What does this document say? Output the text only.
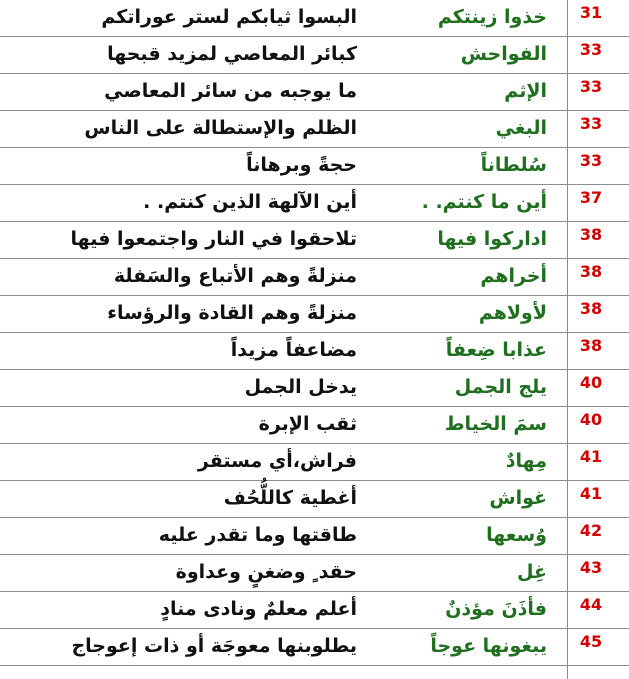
31
خذوا زينتكم
البسوا ثيابكم لستر عوراتكم
33
الفواحش
كبائر المعاصي لمزيد قبحها
33
الإثم
ما يوجبه من سائر المعاصي
33
البغي
الظلم والإستطالة على الناس
33
سُلطاناً
حجةً وبرهاناً
37
أين ما كنتم. .
أين الآلهة الذين كنتم. .
38
اداركوا فيها
تلاحقوا في النار واجتمعوا فيها
38
أخراهم
منزلةً وهم الأتباع والسَفلة
38
لأولاهم
منزلةً وهم القادة والرؤساء
38
عذابا ضِعفاً
مضاعفاً مزيداً
40
يلج الجمل
يدخل الجمل
40
سمَ الخياط
ثقب الإبرة
41
مِهادٌ
فراش،أي مستقر
41
غواش
أغطية كاللُّحُف
42
وُسعها
طاقتها وما تقدر عليه
43
غِل
حقد ٍ وضغنٍ وعداوة
44
فأذَنَ مؤذنٌ
أعلم معلمٌ ونادى منادٍ
45
يبغونها عوجاً
يطلوبنها معوجَة أو ذات إعوجاج
